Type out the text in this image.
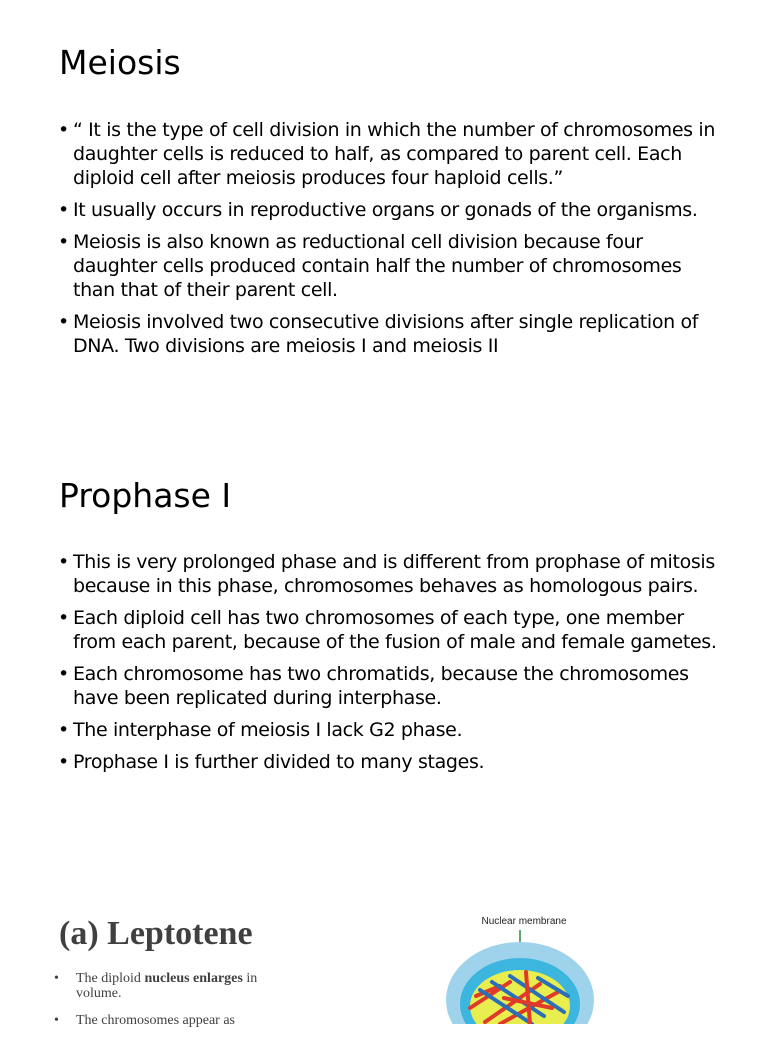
Meiosis
• “ It is the type of cell division in which the number of chromosomes in daughter cells is reduced to half, as compared to parent cell. Each diploid cell after meiosis produces four haploid cells.”
• It usually occurs in reproductive organs or gonads of the organisms.
• Meiosis is also known as reductional cell division because four daughter cells produced contain half the number of chromosomes than that of their parent cell.
• Meiosis involved two consecutive divisions after single replication of DNA. Two divisions are meiosis I and meiosis II
Prophase I
• This is very prolonged phase and is different from prophase of mitosis because in this phase, chromosomes behaves as homologous pairs.
• Each diploid cell has two chromosomes of each type, one member from each parent, because of the fusion of male and female gametes.
• Each chromosome has two chromatids, because the chromosomes have been replicated during interphase.
• The interphase of meiosis I lack G2 phase.
• Prophase I is further divided to many stages.
(a) Leptotene
• The diploid nucleus enlarges in volume.
• The chromosomes appear as
Nuclear membrane
